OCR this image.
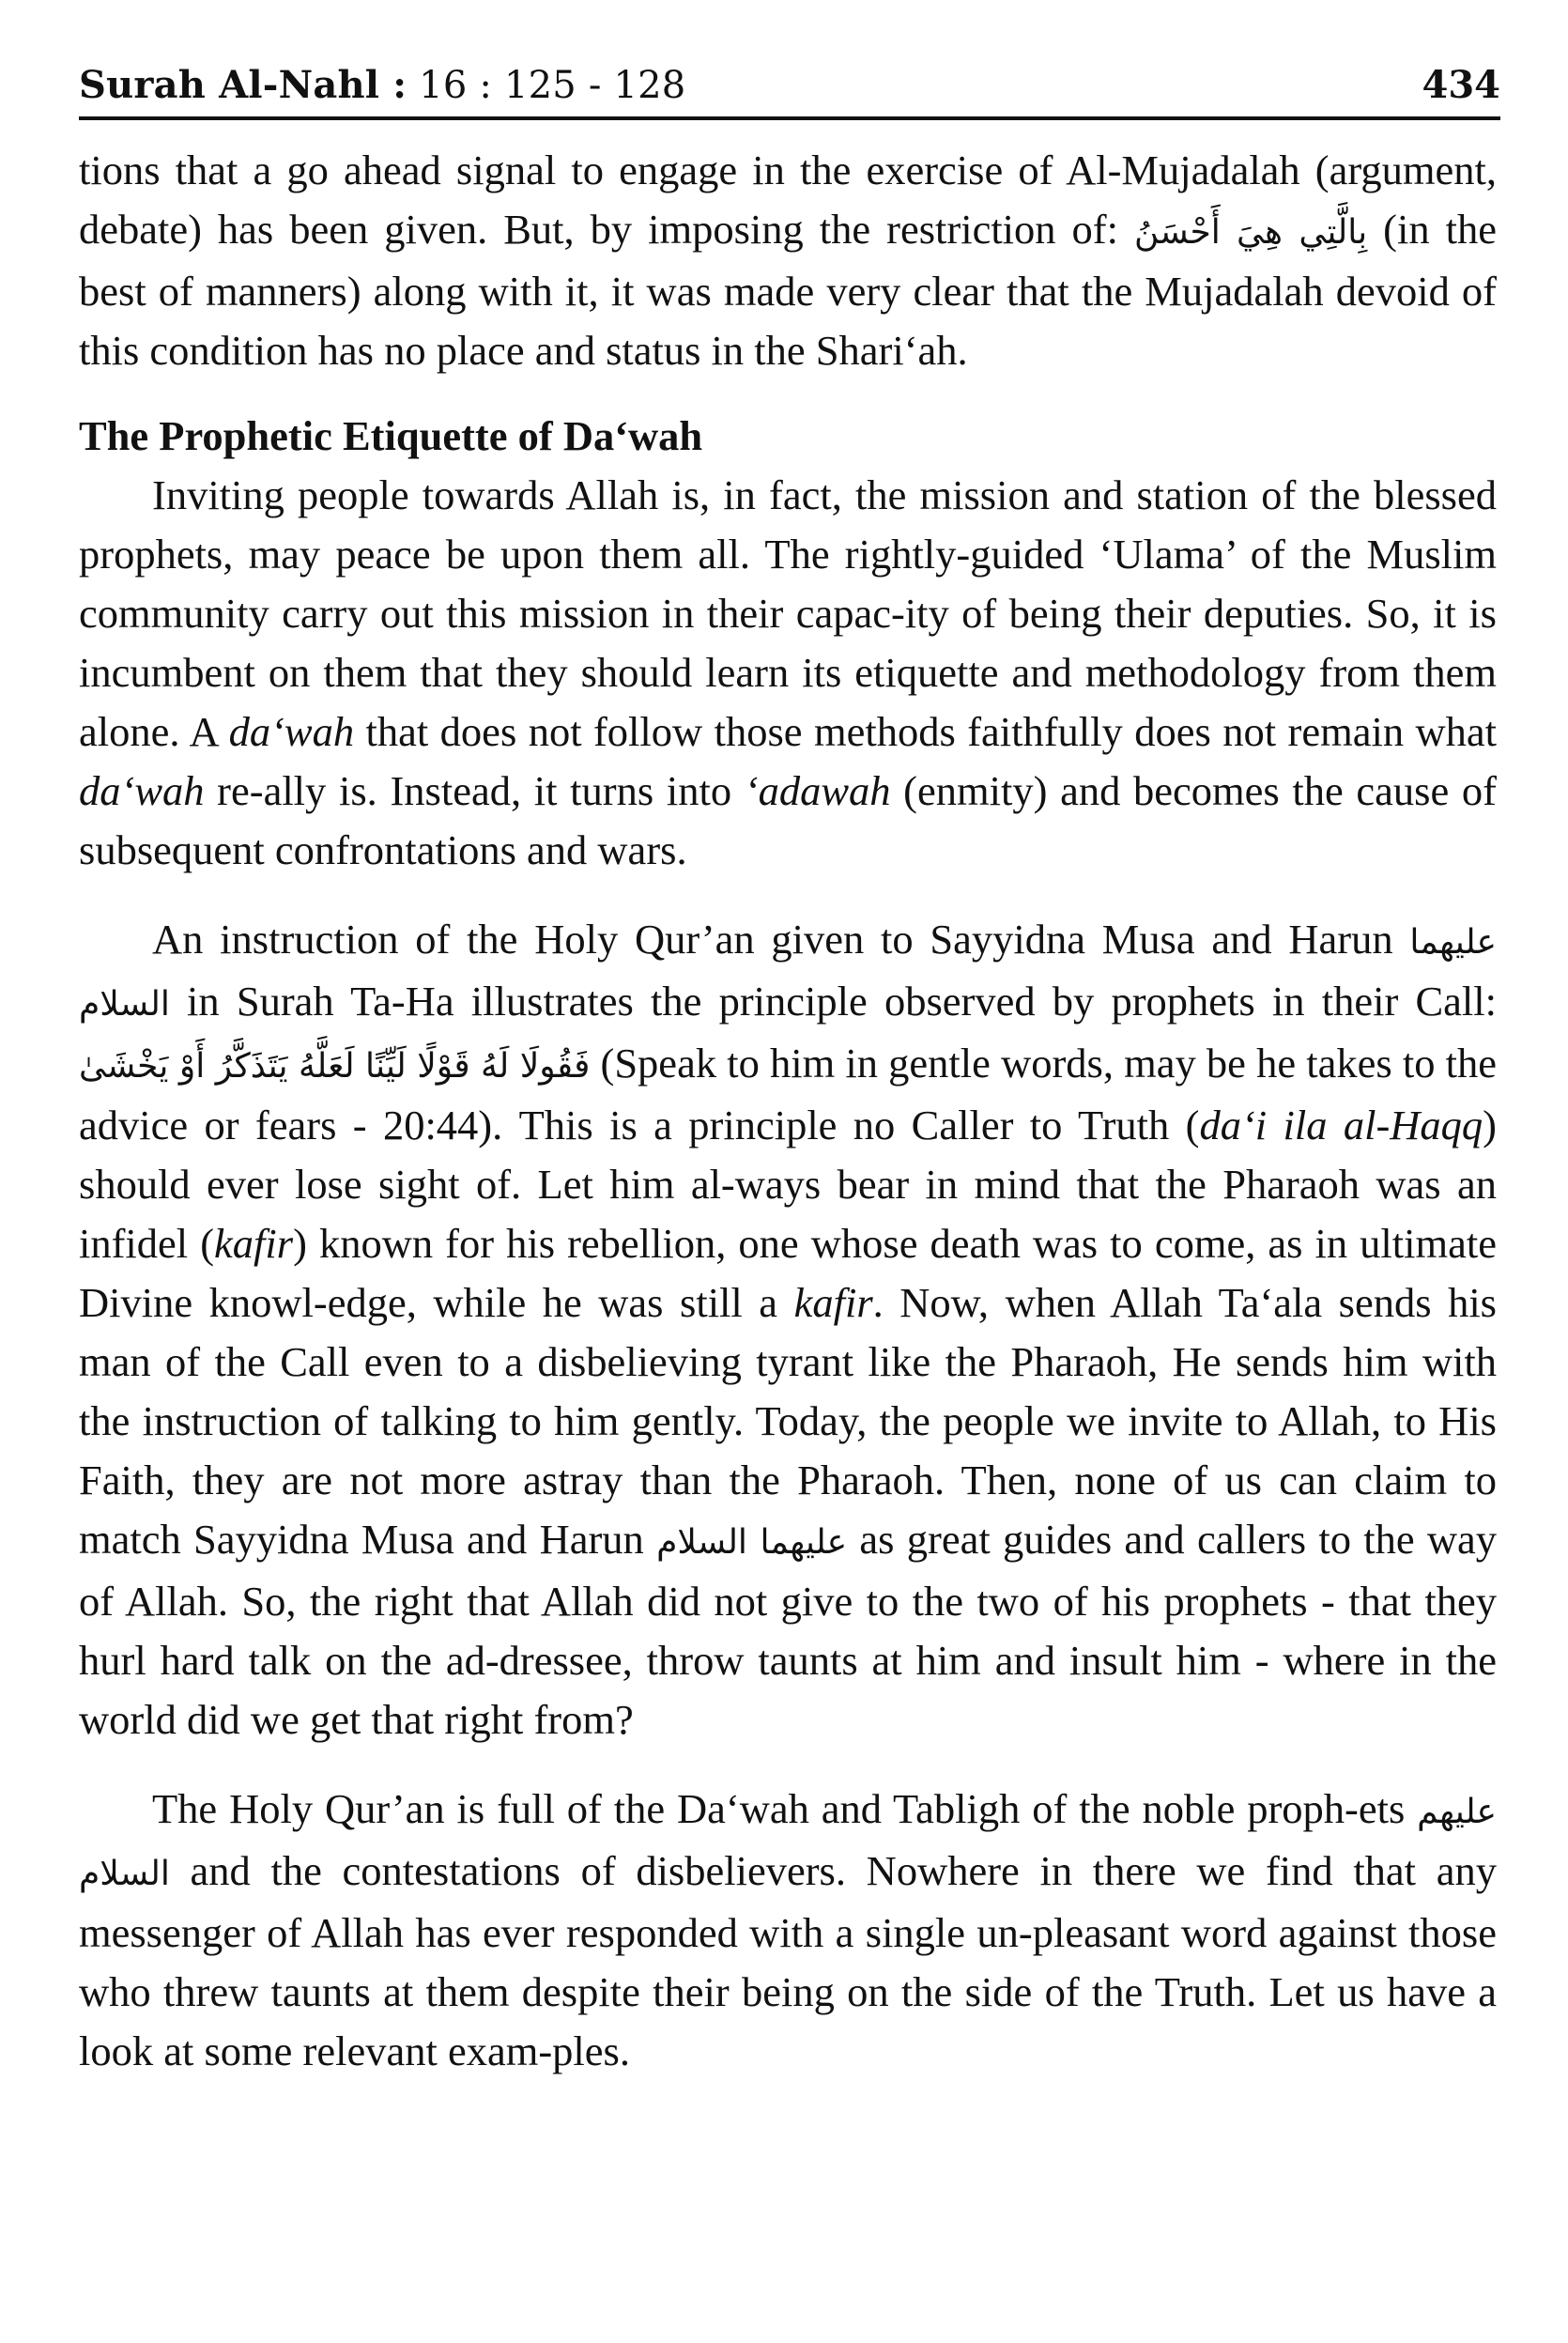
Surah Al-Nahl : 16 : 125 - 128	434

tions that a go ahead signal to engage in the exercise of Al-Mujadalah (argument, debate) has been given. But, by imposing the restriction of: بِالَّتِي هِيَ أَحْسَنُ (in the best of manners) along with it, it was made very clear that the Mujadalah devoid of this condition has no place and status in the Shari‘ah.

The Prophetic Etiquette of Da‘wah

Inviting people towards Allah is, in fact, the mission and station of the blessed prophets, may peace be upon them all. The rightly-guided ‘Ulama’ of the Muslim community carry out this mission in their capac-ity of being their deputies. So, it is incumbent on them that they should learn its etiquette and methodology from them alone. A da‘wah that does not follow those methods faithfully does not remain what da‘wah re-ally is. Instead, it turns into ‘adawah (enmity) and becomes the cause of subsequent confrontations and wars.

An instruction of the Holy Qur’an given to Sayyidna Musa and Harun عليهما السلام in Surah Ta-Ha illustrates the principle observed by prophets in their Call: فَقُولَا لَهُ قَوْلًا لَيِّنًا لَعَلَّهُ يَتَذَكَّرُ أَوْ يَخْشَىٰ (Speak to him in gentle words, may be he takes to the advice or fears - 20:44). This is a principle no Caller to Truth (da‘i ila al-Haqq) should ever lose sight of. Let him al-ways bear in mind that the Pharaoh was an infidel (kafir) known for his rebellion, one whose death was to come, as in ultimate Divine knowl-edge, while he was still a kafir. Now, when Allah Ta‘ala sends his man of the Call even to a disbelieving tyrant like the Pharaoh, He sends him with the instruction of talking to him gently. Today, the people we invite to Allah, to His Faith, they are not more astray than the Pharaoh. Then, none of us can claim to match Sayyidna Musa and Harun عليهما السلام as great guides and callers to the way of Allah. So, the right that Allah did not give to the two of his prophets - that they hurl hard talk on the ad-dressee, throw taunts at him and insult him - where in the world did we get that right from?

The Holy Qur’an is full of the Da‘wah and Tabligh of the noble proph-ets عليهم السلام and the contestations of disbelievers. Nowhere in there we find that any messenger of Allah has ever responded with a single un-pleasant word against those who threw taunts at them despite their being on the side of the Truth. Let us have a look at some relevant exam-ples.
